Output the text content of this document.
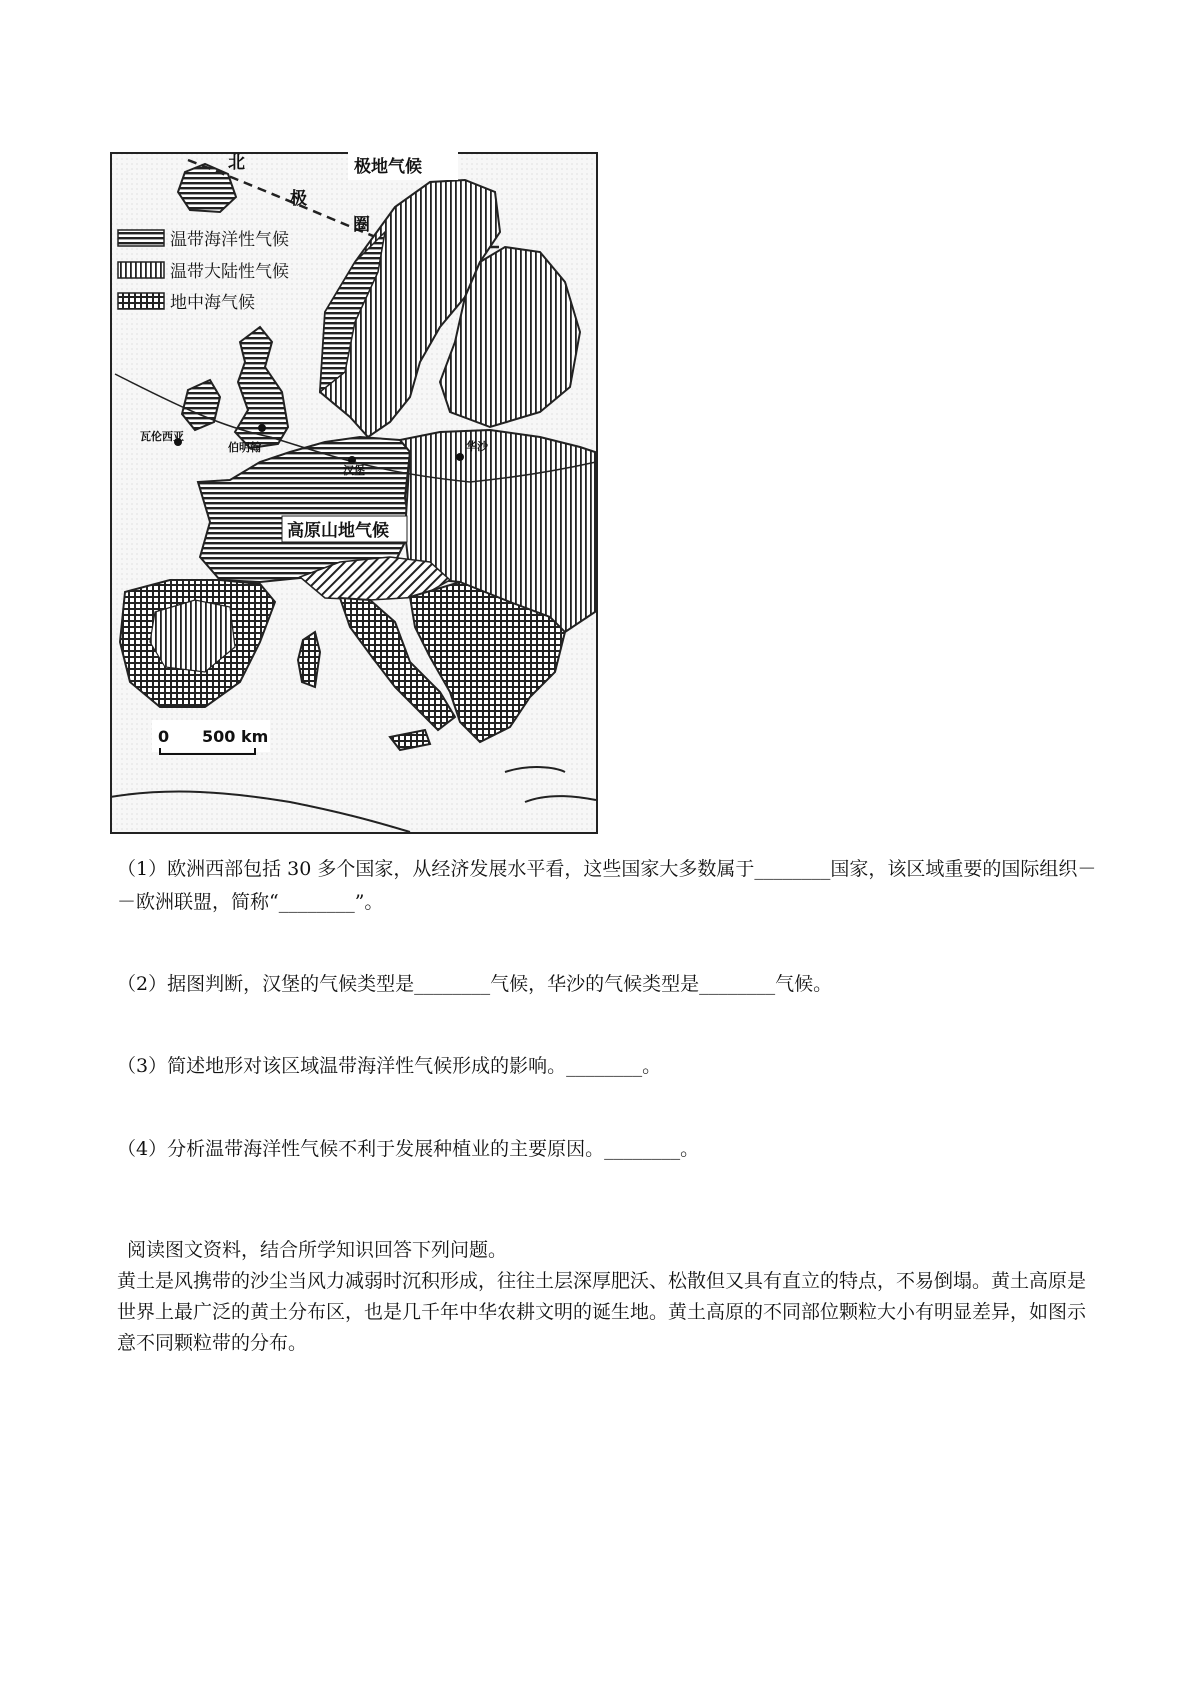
温带海洋性气候
温带大陆性气候
地中海气候
极地气候
北
极
圈
高原山地气候
瓦伦西亚
伯明翰
汉堡
华沙
0 500 km

（1）欧洲西部包括 30 多个国家，从经济发展水平看，这些国家大多数属于________国家，该区域重要的国际组织－－欧洲联盟，简称“________”。

（2）据图判断，汉堡的气候类型是________气候，华沙的气候类型是________气候。

（3）简述地形对该区域温带海洋性气候形成的影响。________。

（4）分析温带海洋性气候不利于发展种植业的主要原因。________。

阅读图文资料，结合所学知识回答下列问题。
黄土是风携带的沙尘当风力减弱时沉积形成，往往土层深厚肥沃、松散但又具有直立的特点，不易倒塌。黄土高原是世界上最广泛的黄土分布区，也是几千年中华农耕文明的诞生地。黄土高原的不同部位颗粒大小有明显差异，如图示意不同颗粒带的分布。
